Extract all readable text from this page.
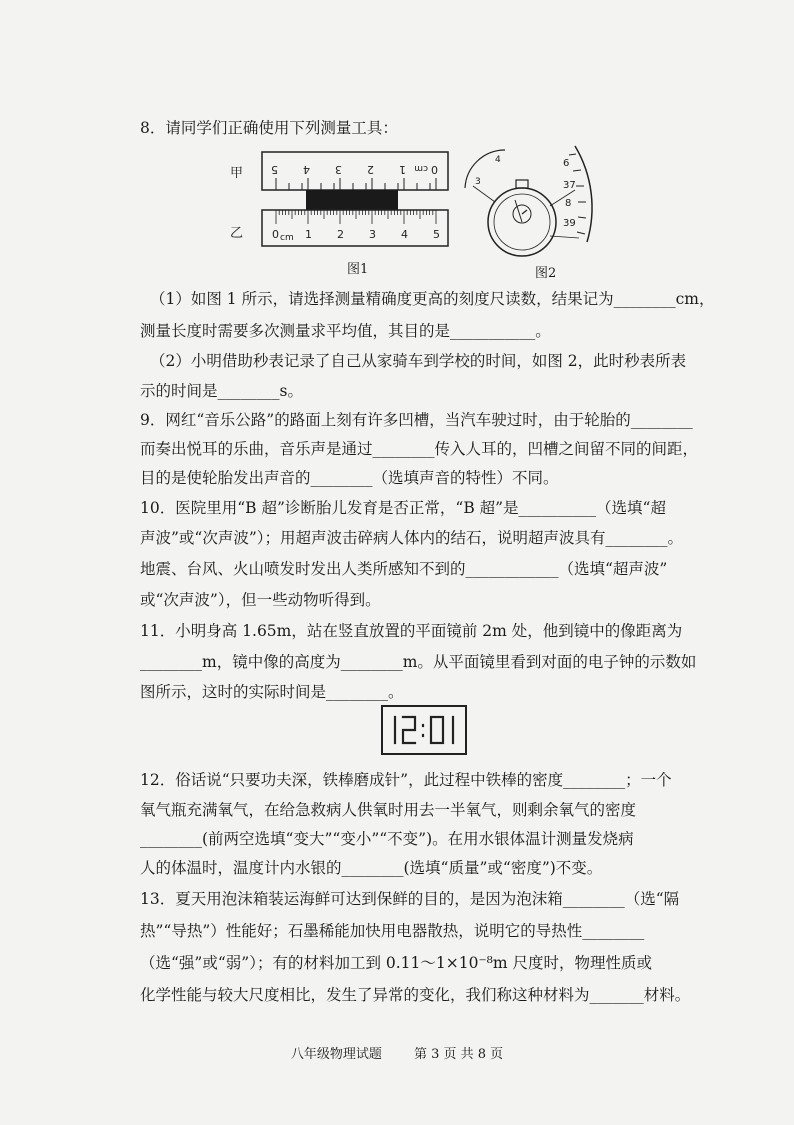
8．请同学们正确使用下列测量工具：
甲
乙
0
cm
1
2
3
4
5
0 cm 1 2 3 4 5
图1
6
37
8
39
4
3
图2
（1）如图 1 所示，请选择测量精确度更高的刻度尺读数，结果记为________cm，
测量长度时需要多次测量求平均值，其目的是___________。
（2）小明借助秒表记录了自己从家骑车到学校的时间，如图 2，此时秒表所表
示的时间是________s。
9．网红“音乐公路”的路面上刻有许多凹槽，当汽车驶过时，由于轮胎的________
而奏出悦耳的乐曲，音乐声是通过________传入人耳的，凹槽之间留不同的间距，
目的是使轮胎发出声音的________（选填声音的特性）不同。
10．医院里用“B 超”诊断胎儿发育是否正常，“B 超”是__________（选填“超
声波”或“次声波”）；用超声波击碎病人体内的结石，说明超声波具有________。
地震、台风、火山喷发时发出人类所感知不到的____________（选填“超声波”
或“次声波”），但一些动物听得到。
11．小明身高 1.65m，站在竖直放置的平面镜前 2m 处，他到镜中的像距离为
________m，镜中像的高度为________m。从平面镜里看到对面的电子钟的示数如
图所示，这时的实际时间是________。
12．俗话说“只要功夫深，铁棒磨成针”，此过程中铁棒的密度________；一个
氧气瓶充满氧气，在给急救病人供氧时用去一半氧气，则剩余氧气的密度
________(前两空选填“变大”“变小”“不变”)。在用水银体温计测量发烧病
人的体温时，温度计内水银的________(选填“质量”或“密度”)不变。
13．夏天用泡沫箱装运海鲜可达到保鲜的目的，是因为泡沫箱________（选“隔
热”“导热”）性能好；石墨稀能加快用电器散热，说明它的导热性________
（选“强”或“弱”）；有的材料加工到 0.11～1×10⁻⁸m 尺度时，物理性质或
化学性能与较大尺度相比，发生了异常的变化，我们称这种材料为_______材料。
八年级物理试题 第 3 页 共 8 页
